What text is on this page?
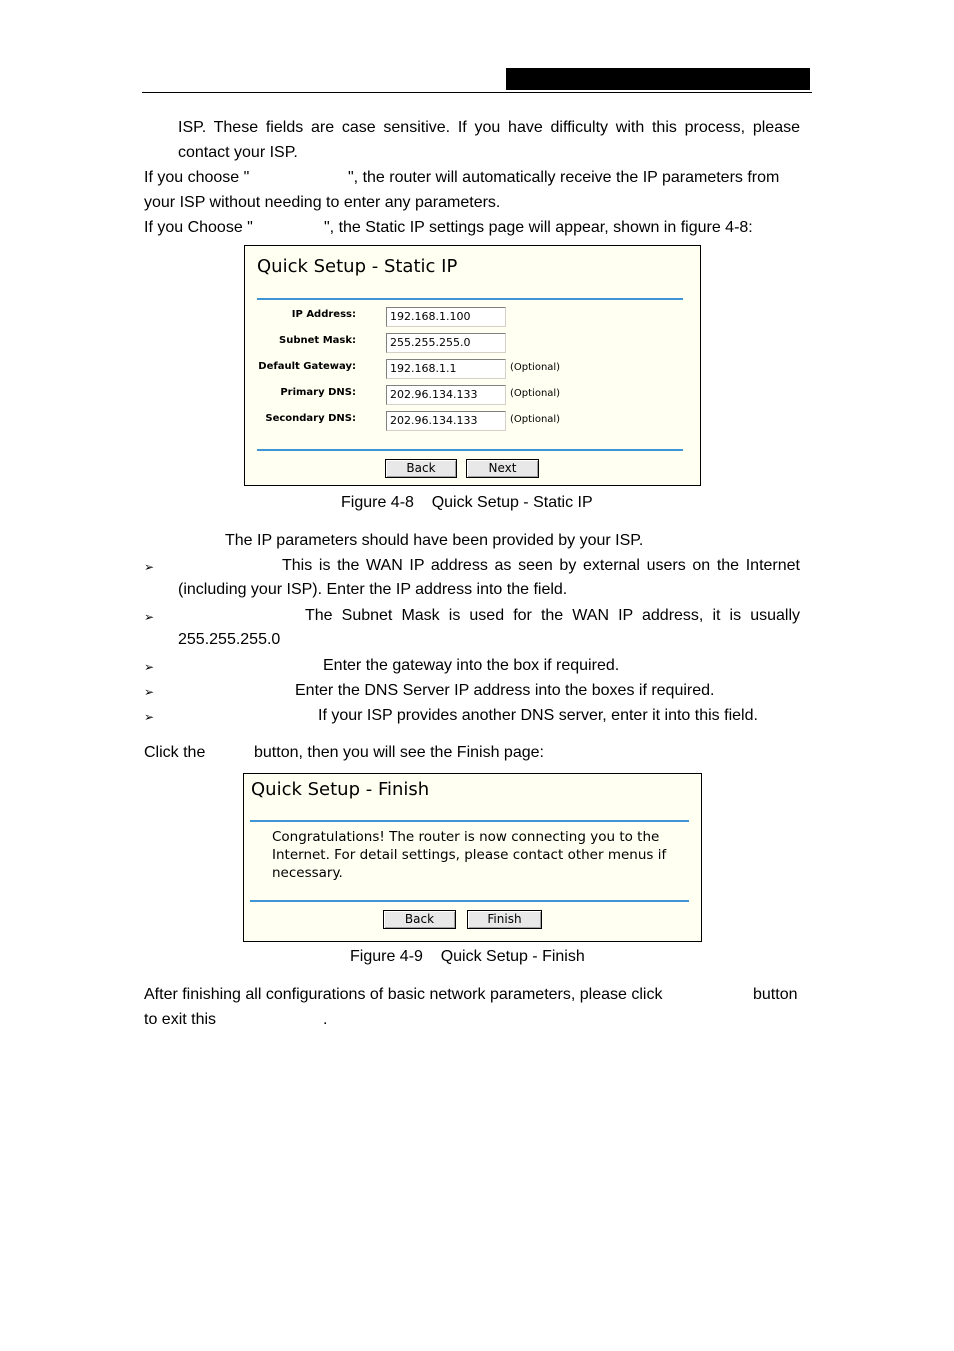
ISP. These fields are case sensitive. If you have difficulty with this process, please
contact your ISP.
If you choose "	", the router will automatically receive the IP parameters from
your ISP without needing to enter any parameters.
If you Choose "	", the Static IP settings page will appear, shown in figure 4-8:
Quick Setup - Static IP
IP Address:	192.168.1.100
Subnet Mask:	255.255.255.0
Default Gateway:	192.168.1.1	(Optional)
Primary DNS:	202.96.134.133	(Optional)
Secondary DNS:	202.96.134.133	(Optional)
Back	Next
Figure 4-8    Quick Setup - Static IP
The IP parameters should have been provided by your ISP.
➢	This is the WAN IP address as seen by external users on the Internet
(including your ISP). Enter the IP address into the field.
➢	The Subnet Mask is used for the WAN IP address, it is usually
255.255.255.0
➢	Enter the gateway into the box if required.
➢	Enter the DNS Server IP address into the boxes if required.
➢	If your ISP provides another DNS server, enter it into this field.
Click the	button, then you will see the Finish page:
Quick Setup - Finish
Congratulations! The router is now connecting you to the Internet. For detail settings, please contact other menus if necessary.
Back	Finish
Figure 4-9    Quick Setup - Finish
After finishing all configurations of basic network parameters, please click	button
to exit this	.
